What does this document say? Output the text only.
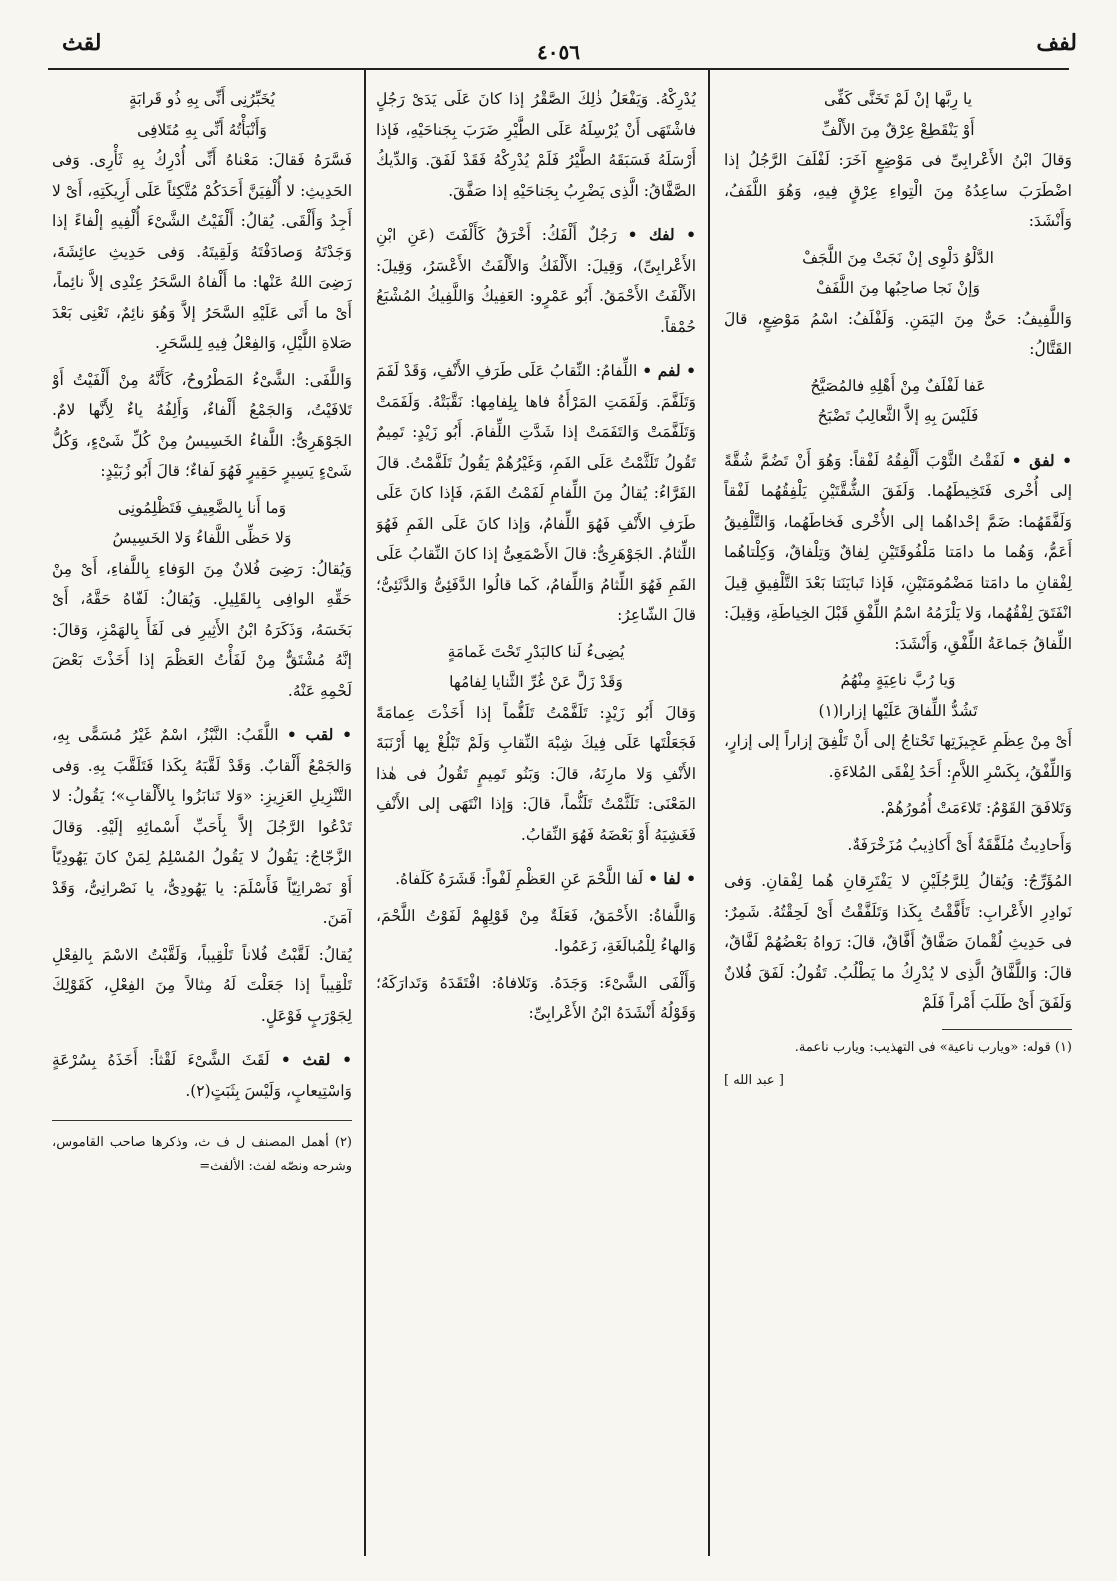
لفف
٤٠٥٦
لقث

يا رِبَّها إنْ لَمْ تَخَنَّى كَفِّى

أَوْ يَنْقَطِعْ عِرْقٌ مِنَ الأَلْفِّ

وَقالَ ابْنُ الأَعْرابِىِّ فى مَوْضِعٍ آخَرَ: لَفْلَفَ الرَّجُلُ إذا اضْطَرَبَ ساعِدُهُ مِنَ الْتِواءِ عِرْقٍ فِيهِ، وَهُوَ اللَّفَفُ، وَأَنْشَدَ:

الدَّلْوُ دَلْوِى إنْ نَجَتْ مِنَ اللَّجَفْ

وَإنْ نَجا صاحِبُها مِنَ اللَّفَفْ

وَاللَّفِيفُ: حَىٌّ مِنَ اليَمَنِ. وَلَفْلَفُ: اسْمُ مَوْضِعٍ، قالَ القَتَّالُ:

عَفا لَفْلَفٌ مِنْ أَهْلِهِ فالمُصَيَّحُ

فَلَيْسَ بِهِ إلاَّ الثَّعالِبُ تَضْبَحُ

• لفق • لَفَقْتُ الثَّوْبَ أَلْفِقُهُ لَفْقاً: وَهُوَ أَنْ تَضُمَّ شُقَّةً إلى أُخْرى فَتَخِيطَهُما. وَلَفَقَ الشُّقَّتَيْنِ يَلْفِقُهُما لَفْقاً وَلَفَّقَهُما: ضَمَّ إحْداهُما إلى الأُخْرى فَخاطَهُما، وَالتَّلْفِيقُ أَعَمُّ، وَهُما ما دامَتا مَلْفُوقَتَيْنِ لِفاقٌ وَتِلْفاقٌ، وَكِلْتاهُما لِفْقانِ ما دامَتا مَضْمُومَتَيْنِ، فَإذا تَبايَنَتا بَعْدَ التَّلْفِيقِ قِيلَ انْفَتَقَ لِفْقُهُما، وَلا يَلْزَمُهُ اسْمُ اللِّفْقِ قَبْلَ الخِياطَةِ، وَقِيلَ: اللِّفاقُ جَماعَةُ اللِّفْقِ، وَأَنْشَدَ:

وَيا رُبَّ ناعِيَةٍ مِنْهُمُ

تَشُدُّ اللِّفاقَ عَلَيْها إزارا(١)

أَىْ مِنْ عِظَمِ عَجِيزَتِها تَحْتاجُ إلى أَنْ تَلْفِقَ إزاراً إلى إزارٍ، وَاللِّفْقُ، بِكَسْرِ اللاَّمِ: أَحَدُ لِفْقَى المُلاءَةِ.

وَتَلافَقَ القَوْمُ: تَلاءَمَتْ أُمُورُهُمْ.

وَأَحادِيثُ مُلَفَّقَةٌ أَىْ أَكاذِيبُ مُزَخْرَفَةٌ.

المُؤَرِّجُ: وَيُقالُ لِلرَّجُلَيْنِ لا يَفْتَرِقانِ هُما لِفْقانِ. وَفى نَوادِرِ الأَعْرابِ: تَأَفَّقْتُ بِكَذا وَتَلَفَّقْتُ أَىْ لَحِقْتُهُ. شَمِرٌ: فى حَدِيثِ لُقْمانَ صَفَّاقٌ أَفَّاقٌ، قالَ: رَواهُ بَعْضُهُمْ لَفَّاقٌ، قالَ: وَاللَّفَّاقُ الَّذِى لا يُدْرِكُ ما يَطْلُبُ. تَقُولُ: لَفَقَ فُلانٌ وَلَفَقَ أَىْ طَلَبَ أَمْراً فَلَمْ

(١) قوله: «ويارب ناعية» فى التهذيب: ويارب ناعمة.

[ عبد الله ]

يُدْرِكْهُ. وَيَفْعَلُ ذٰلِكَ الصَّقْرُ إذا كانَ عَلَى يَدَىْ رَجُلٍ فاشْتَهَى أَنْ يُرْسِلَهُ عَلَى الطَّيْرِ ضَرَبَ بِجَناحَيْهِ، فَإذا أَرْسَلَهُ فَسَبَقَهُ الطَّيْرُ فَلَمْ يُدْرِكْهُ فَقَدْ لَفَقَ. وَالدِّيكُ الصَّفَّاقُ: الَّذِى يَضْرِبُ بِجَناحَيْهِ إذا صَفَّقَ.

• لفك • رَجُلٌ أَلْفَكُ: أَخْرَقُ كَأَلْفَتَ (عَنِ ابْنِ الأَعْرابِىِّ)، وَقِيلَ: الأَلْفَكُ وَالأَلْفَتُ الأَعْسَرُ، وَقِيلَ: الأَلْفَتُ الأَحْمَقُ. أَبُو عَمْرٍو: العَفِيكُ وَاللَّفِيكُ المُشْبَعُ حُمْقاً.

• لفم • اللِّفامُ: النِّقابُ عَلَى طَرَفِ الأَنْفِ، وَقَدْ لَفَمَ وَتَلَفَّمَ. وَلَفَمَتِ المَرْأَةُ فاها بِلِفامِها: نَقَّبَتْهُ. وَلَفَمَتْ وَتَلَفَّمَتْ وَالتَفَمَتْ إذا شَدَّتِ اللِّفامَ. أَبُو زَيْدٍ: تَمِيمٌ تَقُولُ تَلَثَّمْتُ عَلَى الفَمِ، وَغَيْرُهُمْ يَقُولُ تَلَفَّمْتُ. قالَ الفَرَّاءُ: يُقالُ مِنَ اللِّفامِ لَفَمْتُ الفَمَ، فَإذا كانَ عَلَى طَرَفِ الأَنْفِ فَهُوَ اللِّفامُ، وَإذا كانَ عَلَى الفَمِ فَهُوَ اللِّثامُ. الجَوْهَرِىُّ: قالَ الأَصْمَعِىُّ إذا كانَ النِّقابُ عَلَى الفَمِ فَهُوَ اللِّثامُ وَاللِّفامُ، كَما قالُوا الدَّفَئِىُّ وَالدَّثَئِىُّ؛ قالَ الشّاعِرُ:

يُضِىءُ لَنا كالبَدْرِ تَحْتَ غَمامَةٍ

وَقَدْ زَلَّ عَنْ غُرِّ الثَّنايا لِفامُها

وَقالَ أَبُو زَيْدٍ: تَلَفَّمْتُ تَلَفُّماً إذا أَخَذْتَ عِمامَةً فَجَعَلْتَها عَلَى فِيكَ شِبْهَ النِّقابِ وَلَمْ تَبْلُغْ بِها أَرْنَبَةَ الأَنْفِ وَلا مارِنَهُ، قالَ: وَبَنُو تَمِيمٍ تَقُولُ فى هٰذا المَعْنَى: تَلَثَّمْتُ تَلَثُّماً، قالَ: وَإذا انْتَهَى إلى الأَنْفِ فَغَشِيَهُ أَوْ بَعْضَهُ فَهُوَ النِّقابُ.

• لفا • لَفا اللَّحْمَ عَنِ العَظْمِ لَفْواً: قَشَرَهُ كَلَفاهُ.

وَاللَّفاةُ: الأَحْمَقُ، فَعَلَةٌ مِنْ قَوْلِهِمْ لَفَوْتُ اللَّحْمَ، وَالهاءُ لِلْمُبالَغَةِ، زَعَمُوا.

وَأَلْفَى الشَّىْءَ: وَجَدَهُ. وَتَلافاهُ: افْتَقَدَهُ وَتَدارَكَهُ؛ وَقَوْلُهُ أَنْشَدَهُ ابْنُ الأَعْرابِىِّ:

يُخَبِّرُنِى أَنِّى بِهِ ذُو قَرابَةٍ

وَأَنْبَأْتُهُ أَنِّى بِهِ مُتَلافِى

فَسَّرَهُ فَقالَ: مَعْناهُ أَنِّى أُدْرِكُ بِهِ ثَأْرِى. وَفى الحَدِيثِ: لا أُلْفِيَنَّ أَحَدَكُمْ مُتَّكِئاً عَلَى أَرِيكَتِهِ، أَىْ لا أَجِدُ وَأَلْقَى. يُقالُ: أَلْفَيْتُ الشَّىْءَ أُلْفِيهِ إلْفاءً إذا وَجَدْتَهُ وَصادَفْتَهُ وَلَقِيتَهُ. وَفى حَدِيثِ عائِشَةَ، رَضِىَ اللهُ عَنْها: ما أَلْفاهُ السَّحَرُ عِنْدِى إلاَّ نائِماً، أَىْ ما أَتَى عَلَيْهِ السَّحَرُ إلاَّ وَهُوَ نائِمٌ، تَعْنِى بَعْدَ صَلاةِ اللَّيْلِ، وَالفِعْلُ فِيهِ لِلسَّحَرِ.

وَاللَّفَى: الشَّىْءُ المَطْرُوحُ، كَأَنَّهُ مِنْ أَلْفَيْتُ أَوْ تَلافَيْتُ، وَالجَمْعُ أَلْفاءٌ، وَأَلِفُهُ ياءٌ لِأَنَّها لامٌ. الجَوْهَرِىُّ: اللَّفاءُ الخَسِيسُ مِنْ كُلِّ شَىْءٍ، وَكُلُّ شَىْءٍ يَسِيرٍ حَقِيرٍ فَهُوَ لَفاءٌ؛ قالَ أَبُو زُبَيْدٍ:

وَما أَنا بِالضَّعِيفِ فَتَظْلِمُونِى

وَلا حَظِّى اللَّفاءُ وَلا الخَسِيسُ

وَيُقالُ: رَضِىَ فُلانٌ مِنَ الوَفاءِ بِاللَّفاءِ، أَىْ مِنْ حَقِّهِ الوافِى بِالقَلِيلِ. وَيُقالُ: لَفّاهُ حَقَّهُ، أَىْ بَخَسَهُ، وَذَكَرَهُ ابْنُ الأَثِيرِ فى لَفَأَ بِالهَمْزِ، وَقالَ: إنَّهُ مُشْتَقٌّ مِنْ لَفَأْتُ العَظْمَ إذا أَخَذْتَ بَعْضَ لَحْمِهِ عَنْهُ.

• لقب • اللَّقَبُ: النَّبْزُ، اسْمٌ غَيْرُ مُسَمًّى بِهِ، وَالجَمْعُ أَلْقابٌ. وَقَدْ لَقَّبَهُ بِكَذا فَتَلَقَّبَ بِهِ. وَفى التَّنْزِيلِ العَزِيزِ: «وَلا تَنابَزُوا بِالأَلْقابِ»؛ يَقُولُ: لا تَدْعُوا الرَّجُلَ إلاَّ بِأَحَبِّ أَسْمائِهِ إلَيْهِ. وَقالَ الزَّجّاجُ: يَقُولُ لا يَقُولُ المُسْلِمُ لِمَنْ كانَ يَهُودِيّاً أَوْ نَصْرانِيّاً فَأَسْلَمَ: يا يَهُودِىُّ، يا نَصْرانِىُّ، وَقَدْ آمَنَ.

يُقالُ: لَقَّبْتُ فُلاناً تَلْقِيباً، وَلَقَّبْتُ الاسْمَ بِالفِعْلِ تَلْقِيباً إذا جَعَلْتَ لَهُ مِثالاً مِنَ الفِعْلِ، كَقَوْلِكَ لِجَوْرَبٍ فَوْعَلٍ.

• لقث • لَقَثَ الشَّىْءَ لَقْثاً: أَخَذَهُ بِسُرْعَةٍ وَاسْتِيعابٍ، وَلَيْسَ بِثَبَتٍ(٢).

(٢) أهمل المصنف ل ف ث، وذكرها صاحب القاموس، وشرحه ونصّه لفث: الألفث=
